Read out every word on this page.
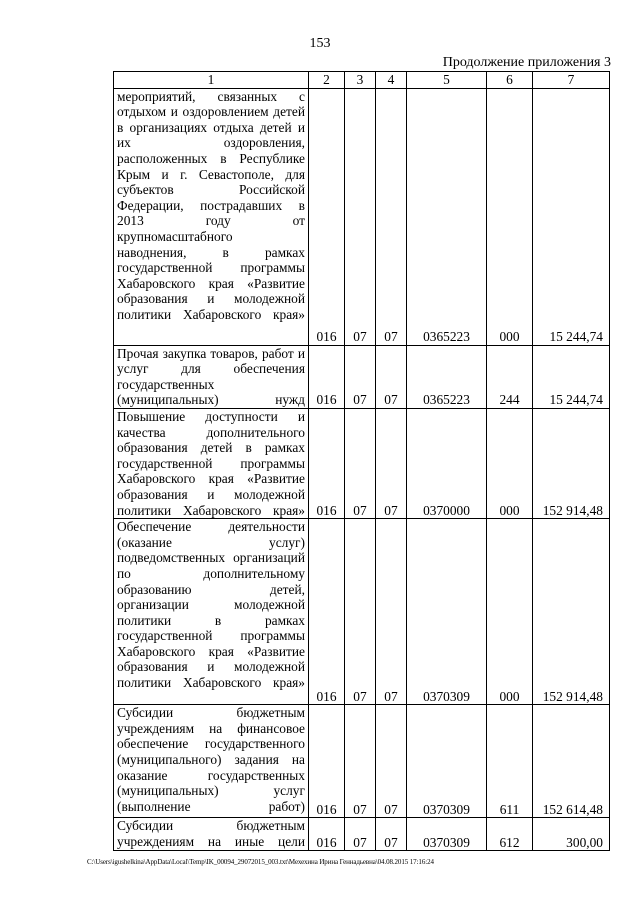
153
Продолжение приложения 3
1	2	3	4	5	6	7
мероприятий, связанных с отдыхом и оздоровлением детей в организациях отдыха детей и их оздоровления, расположенных в Республике Крым и г. Севастополе, для субъектов Российской Федерации, пострадавших в 2013 году от крупномасштабного наводнения, в рамках государственной программы Хабаровского края «Развитие образования и молодежной политики Хабаровского края»	016	07	07	0365223	000	15 244,74
Прочая закупка товаров, работ и услуг для обеспечения государственных (муниципальных) нужд	016	07	07	0365223	244	15 244,74
Повышение доступности и качества дополнительного образования детей в рамках государственной программы Хабаровского края «Развитие образования и молодежной политики Хабаровского края»	016	07	07	0370000	000	152 914,48
Обеспечение деятельности (оказание услуг) подведомственных организаций по дополнительному образованию детей, организации молодежной политики в рамках государственной программы Хабаровского края «Развитие образования и молодежной политики Хабаровского края»	016	07	07	0370309	000	152 914,48
Субсидии бюджетным учреждениям на финансовое обеспечение государственного (муниципального) задания на оказание государственных (муниципальных) услуг (выполнение работ)	016	07	07	0370309	611	152 614,48
Субсидии бюджетным учреждениям на иные цели	016	07	07	0370309	612	300,00
C:\Users\igushelkina\AppData\Local\Temp\IK_00094_29072015_003.txt\Мехехина Ирина Геннадьевна\04.08.2015 17:16:24
